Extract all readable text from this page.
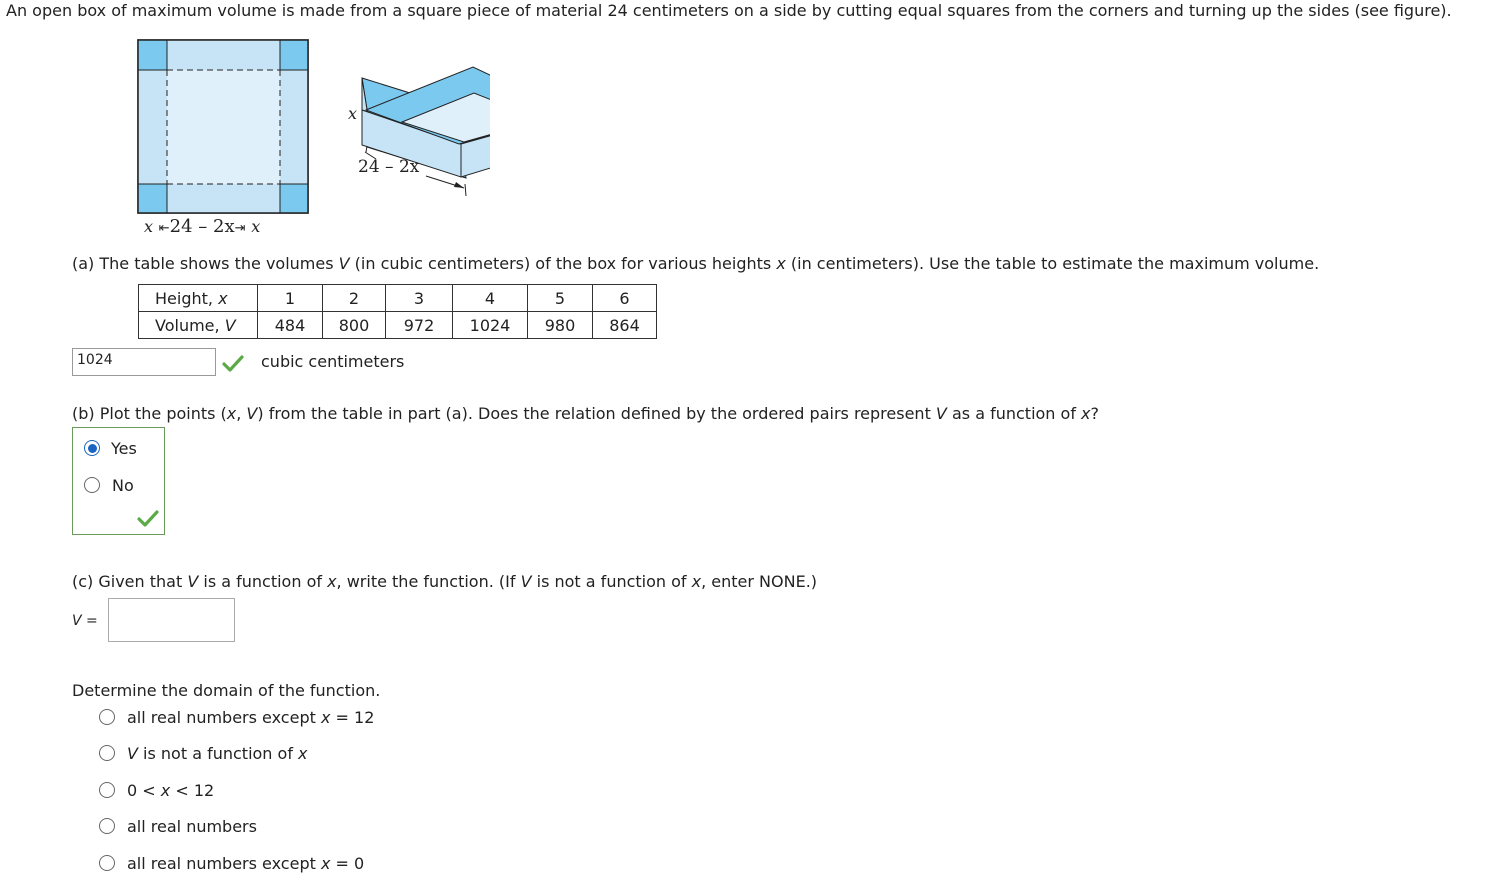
An open box of maximum volume is made from a square piece of material 24 centimeters on a side by cutting equal squares from the corners and turning up the sides (see figure).
x
24 – 2x
x ⇤24 – 2x⇥ x
(a) The table shows the volumes V (in cubic centimeters) of the box for various heights x (in centimeters). Use the table to estimate the maximum volume.
Height, x	1	2	3	4	5	6
Volume, V	484	800	972	1024	980	864
1024	cubic centimeters
(b) Plot the points (x, V) from the table in part (a). Does the relation defined by the ordered pairs represent V as a function of x?
Yes
No
(c) Given that V is a function of x, write the function. (If V is not a function of x, enter NONE.)
V =
Determine the domain of the function.
all real numbers except x = 12
V is not a function of x
0 < x < 12
all real numbers
all real numbers except x = 0
